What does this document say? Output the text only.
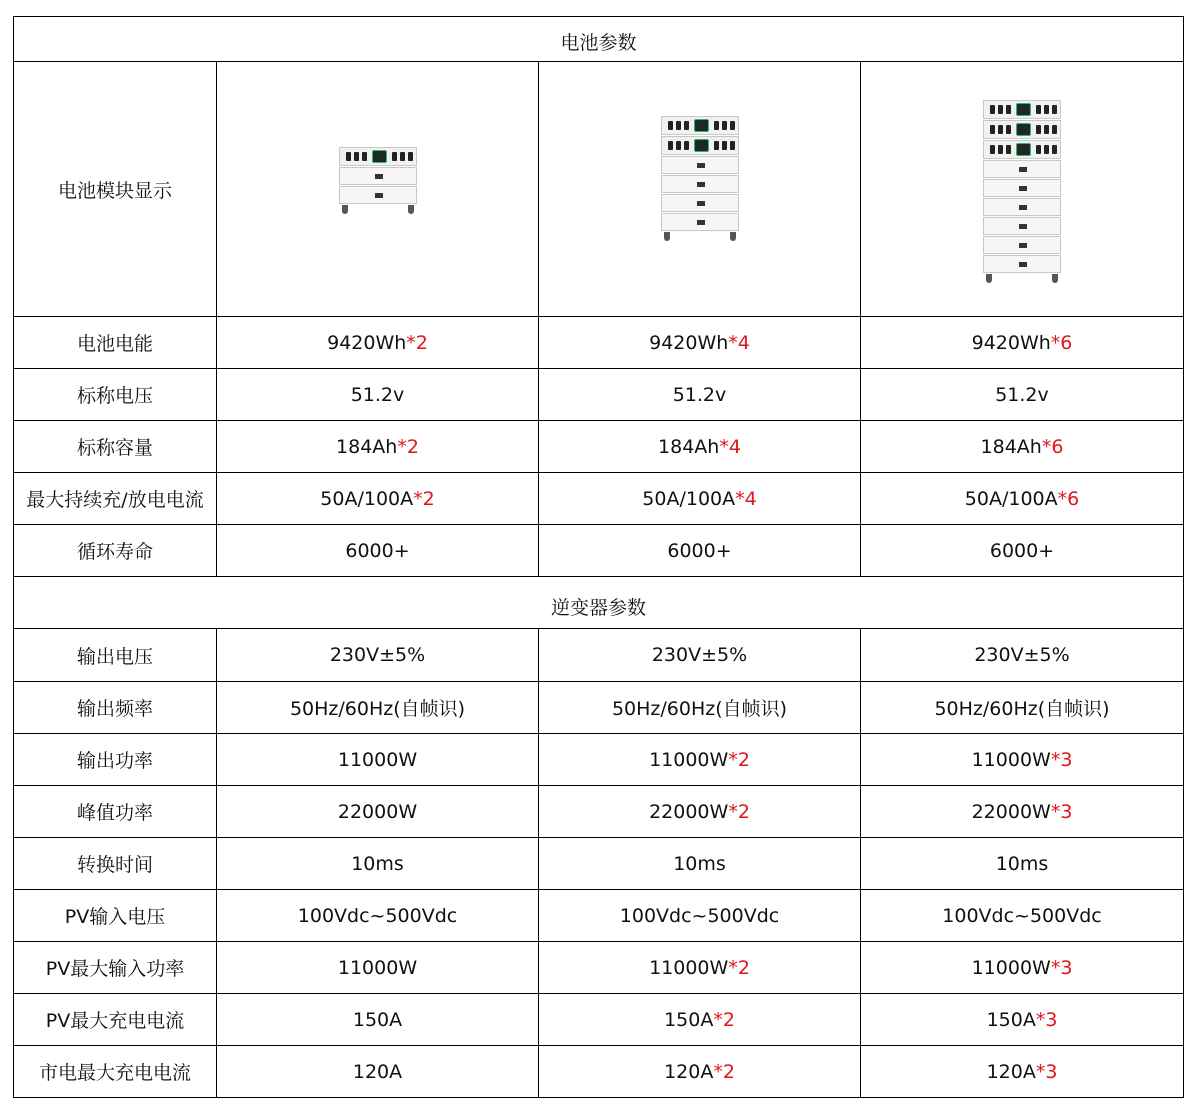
电池参数			
电池模块显示	

电池电能	9420Wh*2	9420Wh*4	9420Wh*6
标称电压	51.2v	51.2v	51.2v
标称容量	184Ah*2	184Ah*4	184Ah*6
最大持续充/放电电流	50A/100A*2	50A/100A*4	50A/100A*6
循环寿命	6000+	6000+	6000+
逆变器参数			
输出电压	230V±5%	230V±5%	230V±5%
输出频率	50Hz/60Hz(自帧识)	50Hz/60Hz(自帧识)	50Hz/60Hz(自帧识)
输出功率	11000W	11000W*2	11000W*3
峰值功率	22000W	22000W*2	22000W*3
转换时间	10ms	10ms	10ms
PV输入电压	100Vdc~500Vdc	100Vdc~500Vdc	100Vdc~500Vdc
PV最大输入功率	11000W	11000W*2	11000W*3
PV最大充电电流	150A	150A*2	150A*3
市电最大充电电流	120A	120A*2	120A*3
